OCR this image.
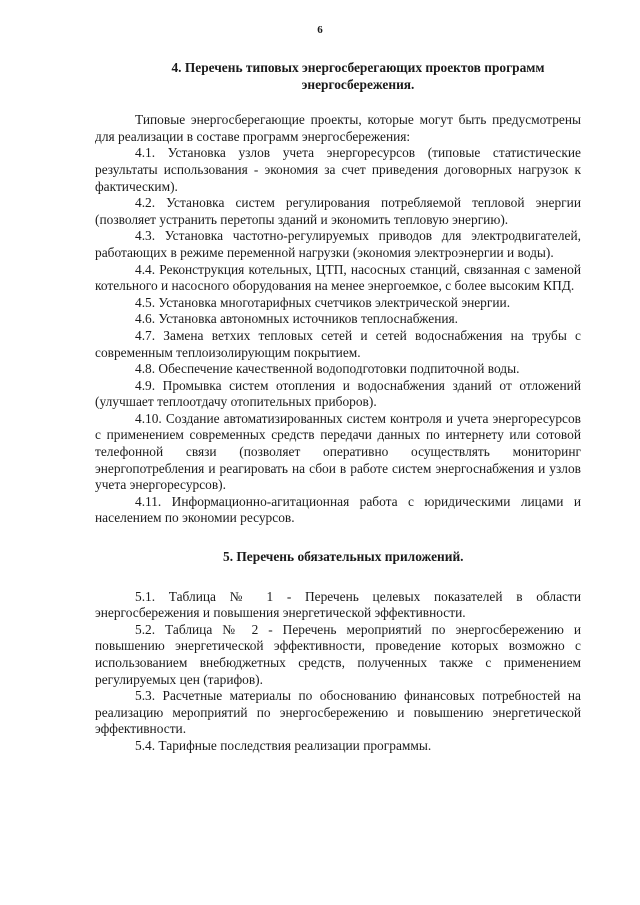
6
4. Перечень типовых энергосберегающих проектов программ
энергосбережения.

Типовые энергосберегающие проекты, которые могут быть предусмотрены для реализации в составе программ энергосбережения:

4.1. Установка узлов учета энергоресурсов (типовые статистические результаты использования - экономия за счет приведения договорных нагрузок к фактическим).

4.2. Установка систем регулирования потребляемой тепловой энергии (позволяет устранить перетопы зданий и экономить тепловую энергию).

4.3. Установка частотно-регулируемых приводов для электродвигателей, работающих в режиме переменной нагрузки (экономия электроэнергии и воды).

4.4. Реконструкция котельных, ЦТП, насосных станций, связанная с заменой котельного и насосного оборудования на менее энергоемкое, с более высоким КПД.

4.5. Установка многотарифных счетчиков электрической энергии.

4.6. Установка автономных источников теплоснабжения.

4.7. Замена ветхих тепловых сетей и сетей водоснабжения на трубы с современным теплоизолирующим покрытием.

4.8. Обеспечение качественной водоподготовки подпиточной воды.

4.9. Промывка систем отопления и водоснабжения зданий от отложений (улучшает теплоотдачу отопительных приборов).

4.10. Создание автоматизированных систем контроля и учета энергоресурсов с применением современных средств передачи данных по интернету или сотовой телефонной связи (позволяет оперативно осуществлять мониторинг энергопотребления и реагировать на сбои в работе систем энергоснабжения и узлов учета энергоресурсов).

4.11. Информационно-агитационная работа с юридическими лицами и населением по экономии ресурсов.

5. Перечень обязательных приложений.

5.1. Таблица № 1 - Перечень целевых показателей в области энергосбережения и повышения энергетической эффективности.

5.2. Таблица № 2 - Перечень мероприятий по энергосбережению и повышению энергетической эффективности, проведение которых возможно с использованием внебюджетных средств, полученных также с применением регулируемых цен (тарифов).

5.3. Расчетные материалы по обоснованию финансовых потребностей на реализацию мероприятий по энергосбережению и повышению энергетической эффективности.

5.4. Тарифные последствия реализации программы.
